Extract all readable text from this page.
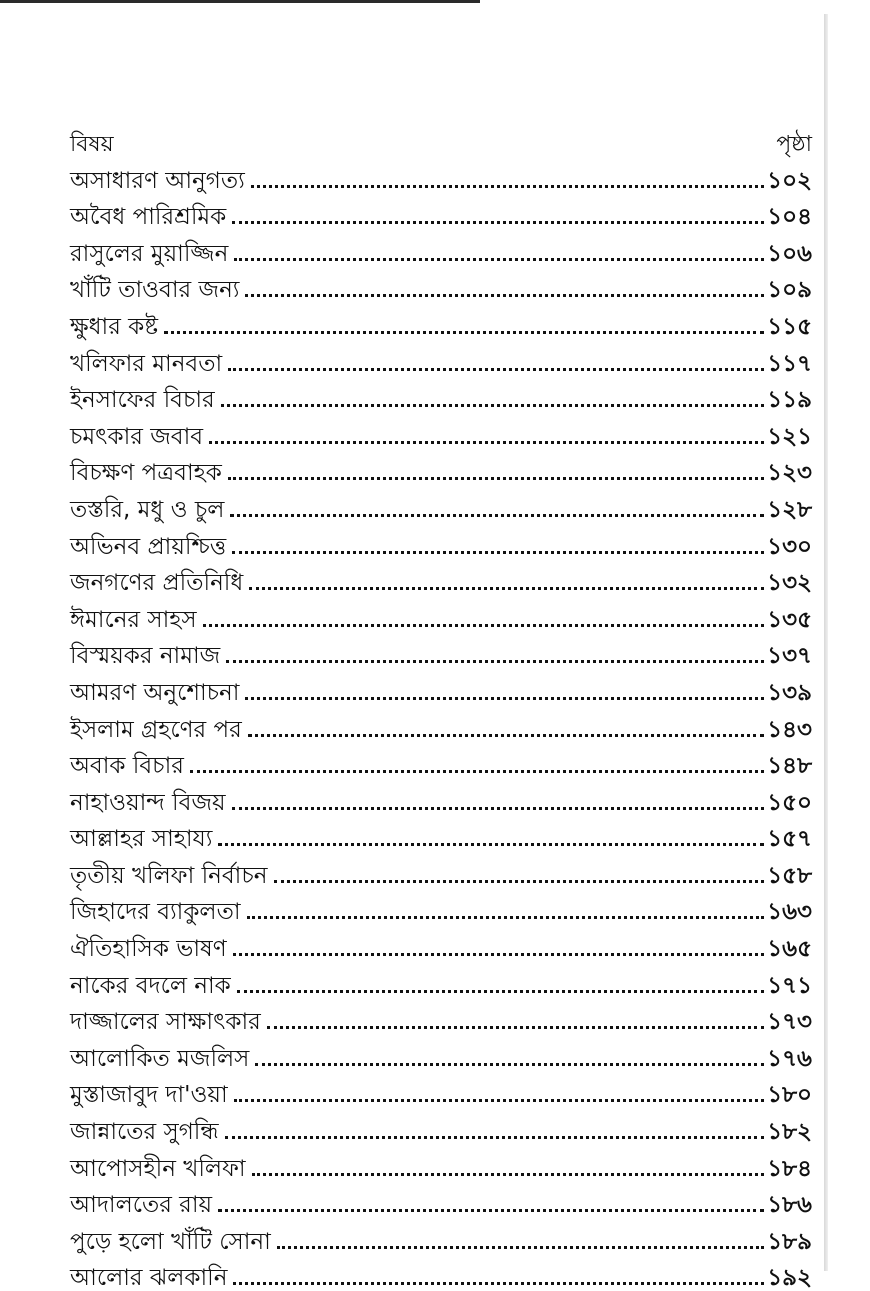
বিষয়	পৃষ্ঠা
অসাধারণ আনুগত্য	১০২
অবৈধ পারিশ্রমিক	১০৪
রাসুলের মুয়াজ্জিন	১০৬
খাঁটি তাওবার জন্য	১০৯
ক্ষুধার কষ্ট	১১৫
খলিফার মানবতা	১১৭
ইনসাফের বিচার	১১৯
চমৎকার জবাব	১২১
বিচক্ষণ পত্রবাহক	১২৩
তস্তরি, মধু ও চুল	১২৮
অভিনব প্রায়শ্চিত্ত	১৩০
জনগণের প্রতিনিধি	১৩২
ঈমানের সাহস	১৩৫
বিস্ময়কর নামাজ	১৩৭
আমরণ অনুশোচনা	১৩৯
ইসলাম গ্রহণের পর	১৪৩
অবাক বিচার	১৪৮
নাহাওয়ান্দ বিজয়	১৫০
আল্লাহর সাহায্য	১৫৭
তৃতীয় খলিফা নির্বাচন	১৫৮
জিহাদের ব্যাকুলতা	১৬৩
ঐতিহাসিক ভাষণ	১৬৫
নাকের বদলে নাক	১৭১
দাজ্জালের সাক্ষাৎকার	১৭৩
আলোকিত মজলিস	১৭৬
মুস্তাজাবুদ দা'ওয়া	১৮০
জান্নাতের সুগন্ধি	১৮২
আপোসহীন খলিফা	১৮৪
আদালতের রায়	১৮৬
পুড়ে হলো খাঁটি সোনা	১৮৯
আলোর ঝলকানি	১৯২
